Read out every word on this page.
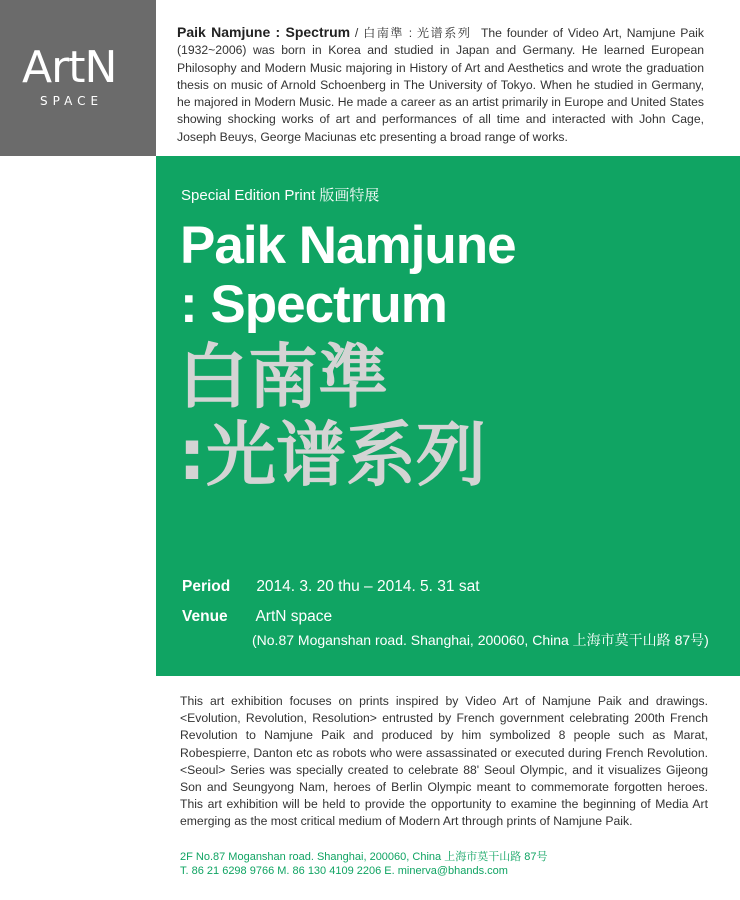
ArtN
SPACE
Paik Namjune : Spectrum / 白南準 : 光谱系列 The founder of Video Art, Namjune Paik (1932~2006) was born in Korea and studied in Japan and Germany. He learned European Philosophy and Modern Music majoring in History of Art and Aesthetics and wrote the graduation thesis on music of Arnold Schoenberg in The University of Tokyo. When he studied in Germany, he majored in Modern Music. He made a career as an artist primarily in Europe and United States showing shocking works of art and performances of all time and interacted with John Cage, Joseph Beuys, George Maciunas etc presenting a broad range of works.
Special Edition Print 版画特展
Paik Namjune
: Spectrum
白南準
:光谱系列
Period 2014. 3. 20 thu – 2014. 5. 31 sat
Venue ArtN space
(No.87 Moganshan road. Shanghai, 200060, China 上海市莫干山路 87号)
This art exhibition focuses on prints inspired by Video Art of Namjune Paik and drawings. <Evolution, Revolution, Resolution> entrusted by French government celebrating 200th French Revolution to Namjune Paik and produced by him symbolized 8 people such as Marat, Robespierre, Danton etc as robots who were assassinated or executed during French Revolution. <Seoul> Series was specially created to celebrate 88' Seoul Olympic, and it visualizes Gijeong Son and Seungyong Nam, heroes of Berlin Olympic meant to commemorate forgotten heroes. This art exhibition will be held to provide the opportunity to examine the beginning of Media Art emerging as the most critical medium of Modern Art through prints of Namjune Paik.
2F No.87 Moganshan road. Shanghai, 200060, China 上海市莫干山路 87号
T. 86 21 6298 9766 M. 86 130 4109 2206 E. minerva@bhands.com
